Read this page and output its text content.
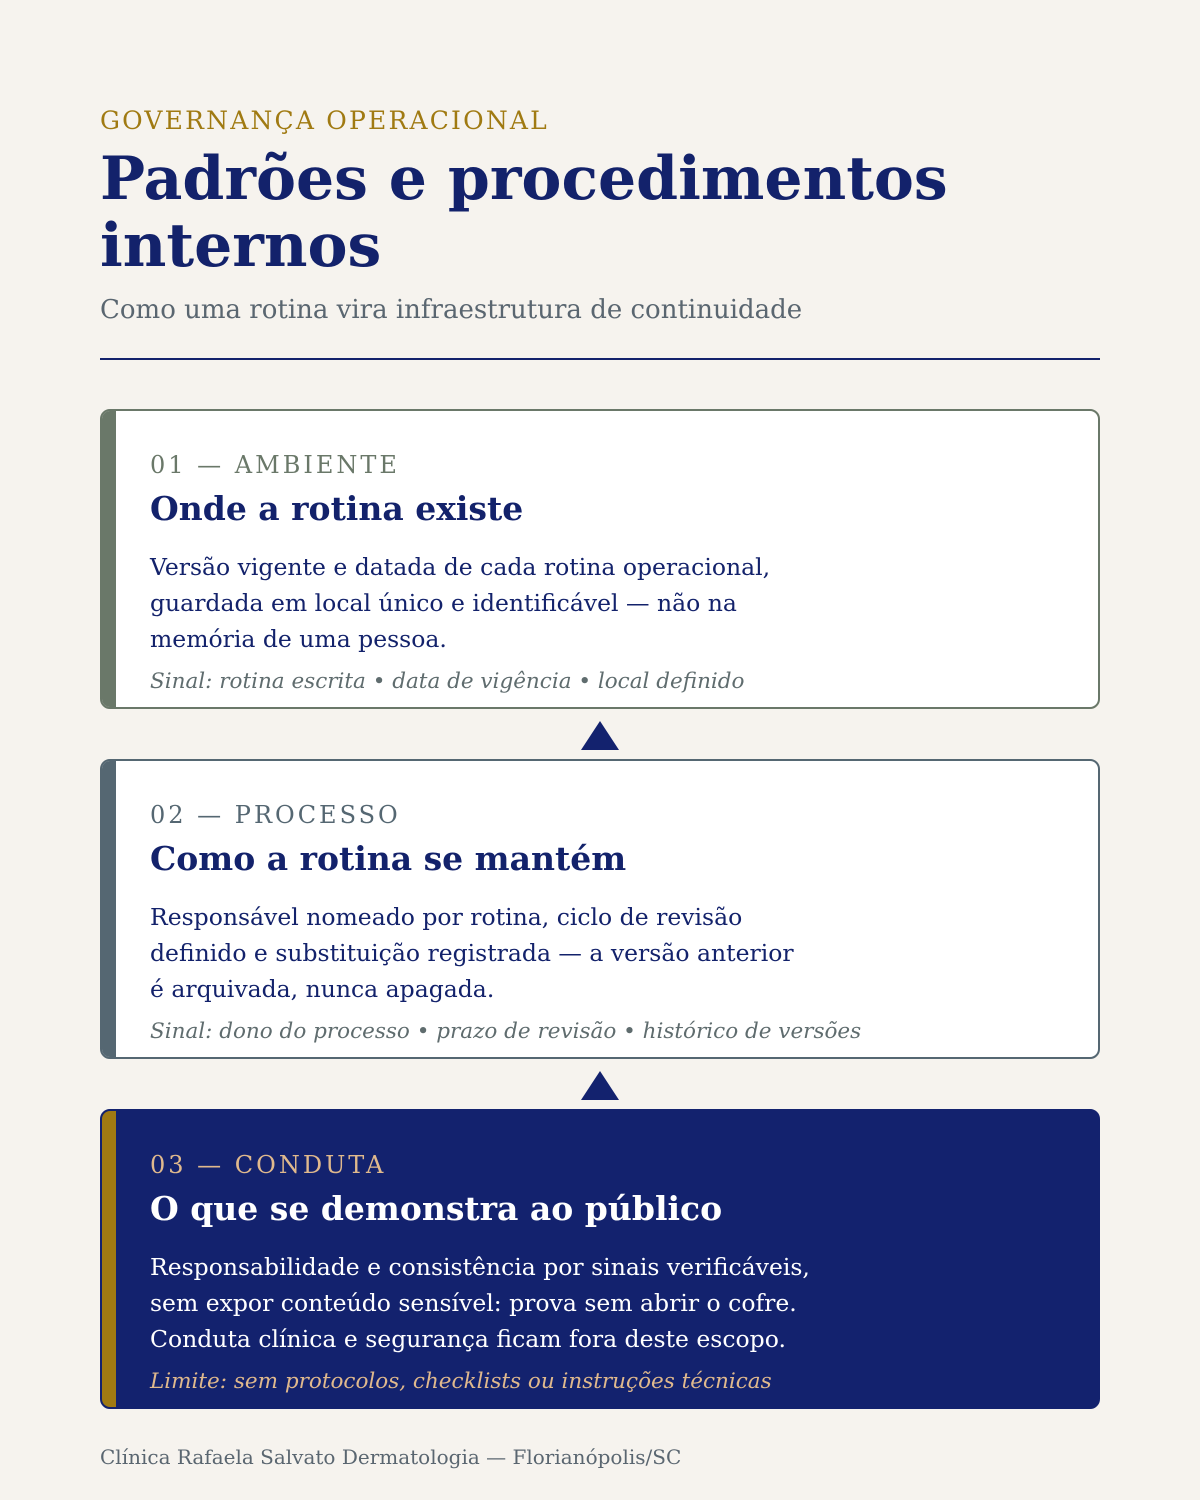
GOVERNANÇA OPERACIONAL
Padrões e procedimentos internos
Como uma rotina vira infraestrutura de continuidade
01 — AMBIENTE
Onde a rotina existe
Versão vigente e datada de cada rotina operacional,
guardada em local único e identificável — não na
memória de uma pessoa.
Sinal: rotina escrita • data de vigência • local definido
02 — PROCESSO
Como a rotina se mantém
Responsável nomeado por rotina, ciclo de revisão
definido e substituição registrada — a versão anterior
é arquivada, nunca apagada.
Sinal: dono do processo • prazo de revisão • histórico de versões
03 — CONDUTA
O que se demonstra ao público
Responsabilidade e consistência por sinais verificáveis,
sem expor conteúdo sensível: prova sem abrir o cofre.
Conduta clínica e segurança ficam fora deste escopo.
Limite: sem protocolos, checklists ou instruções técnicas
Clínica Rafaela Salvato Dermatologia — Florianópolis/SC
